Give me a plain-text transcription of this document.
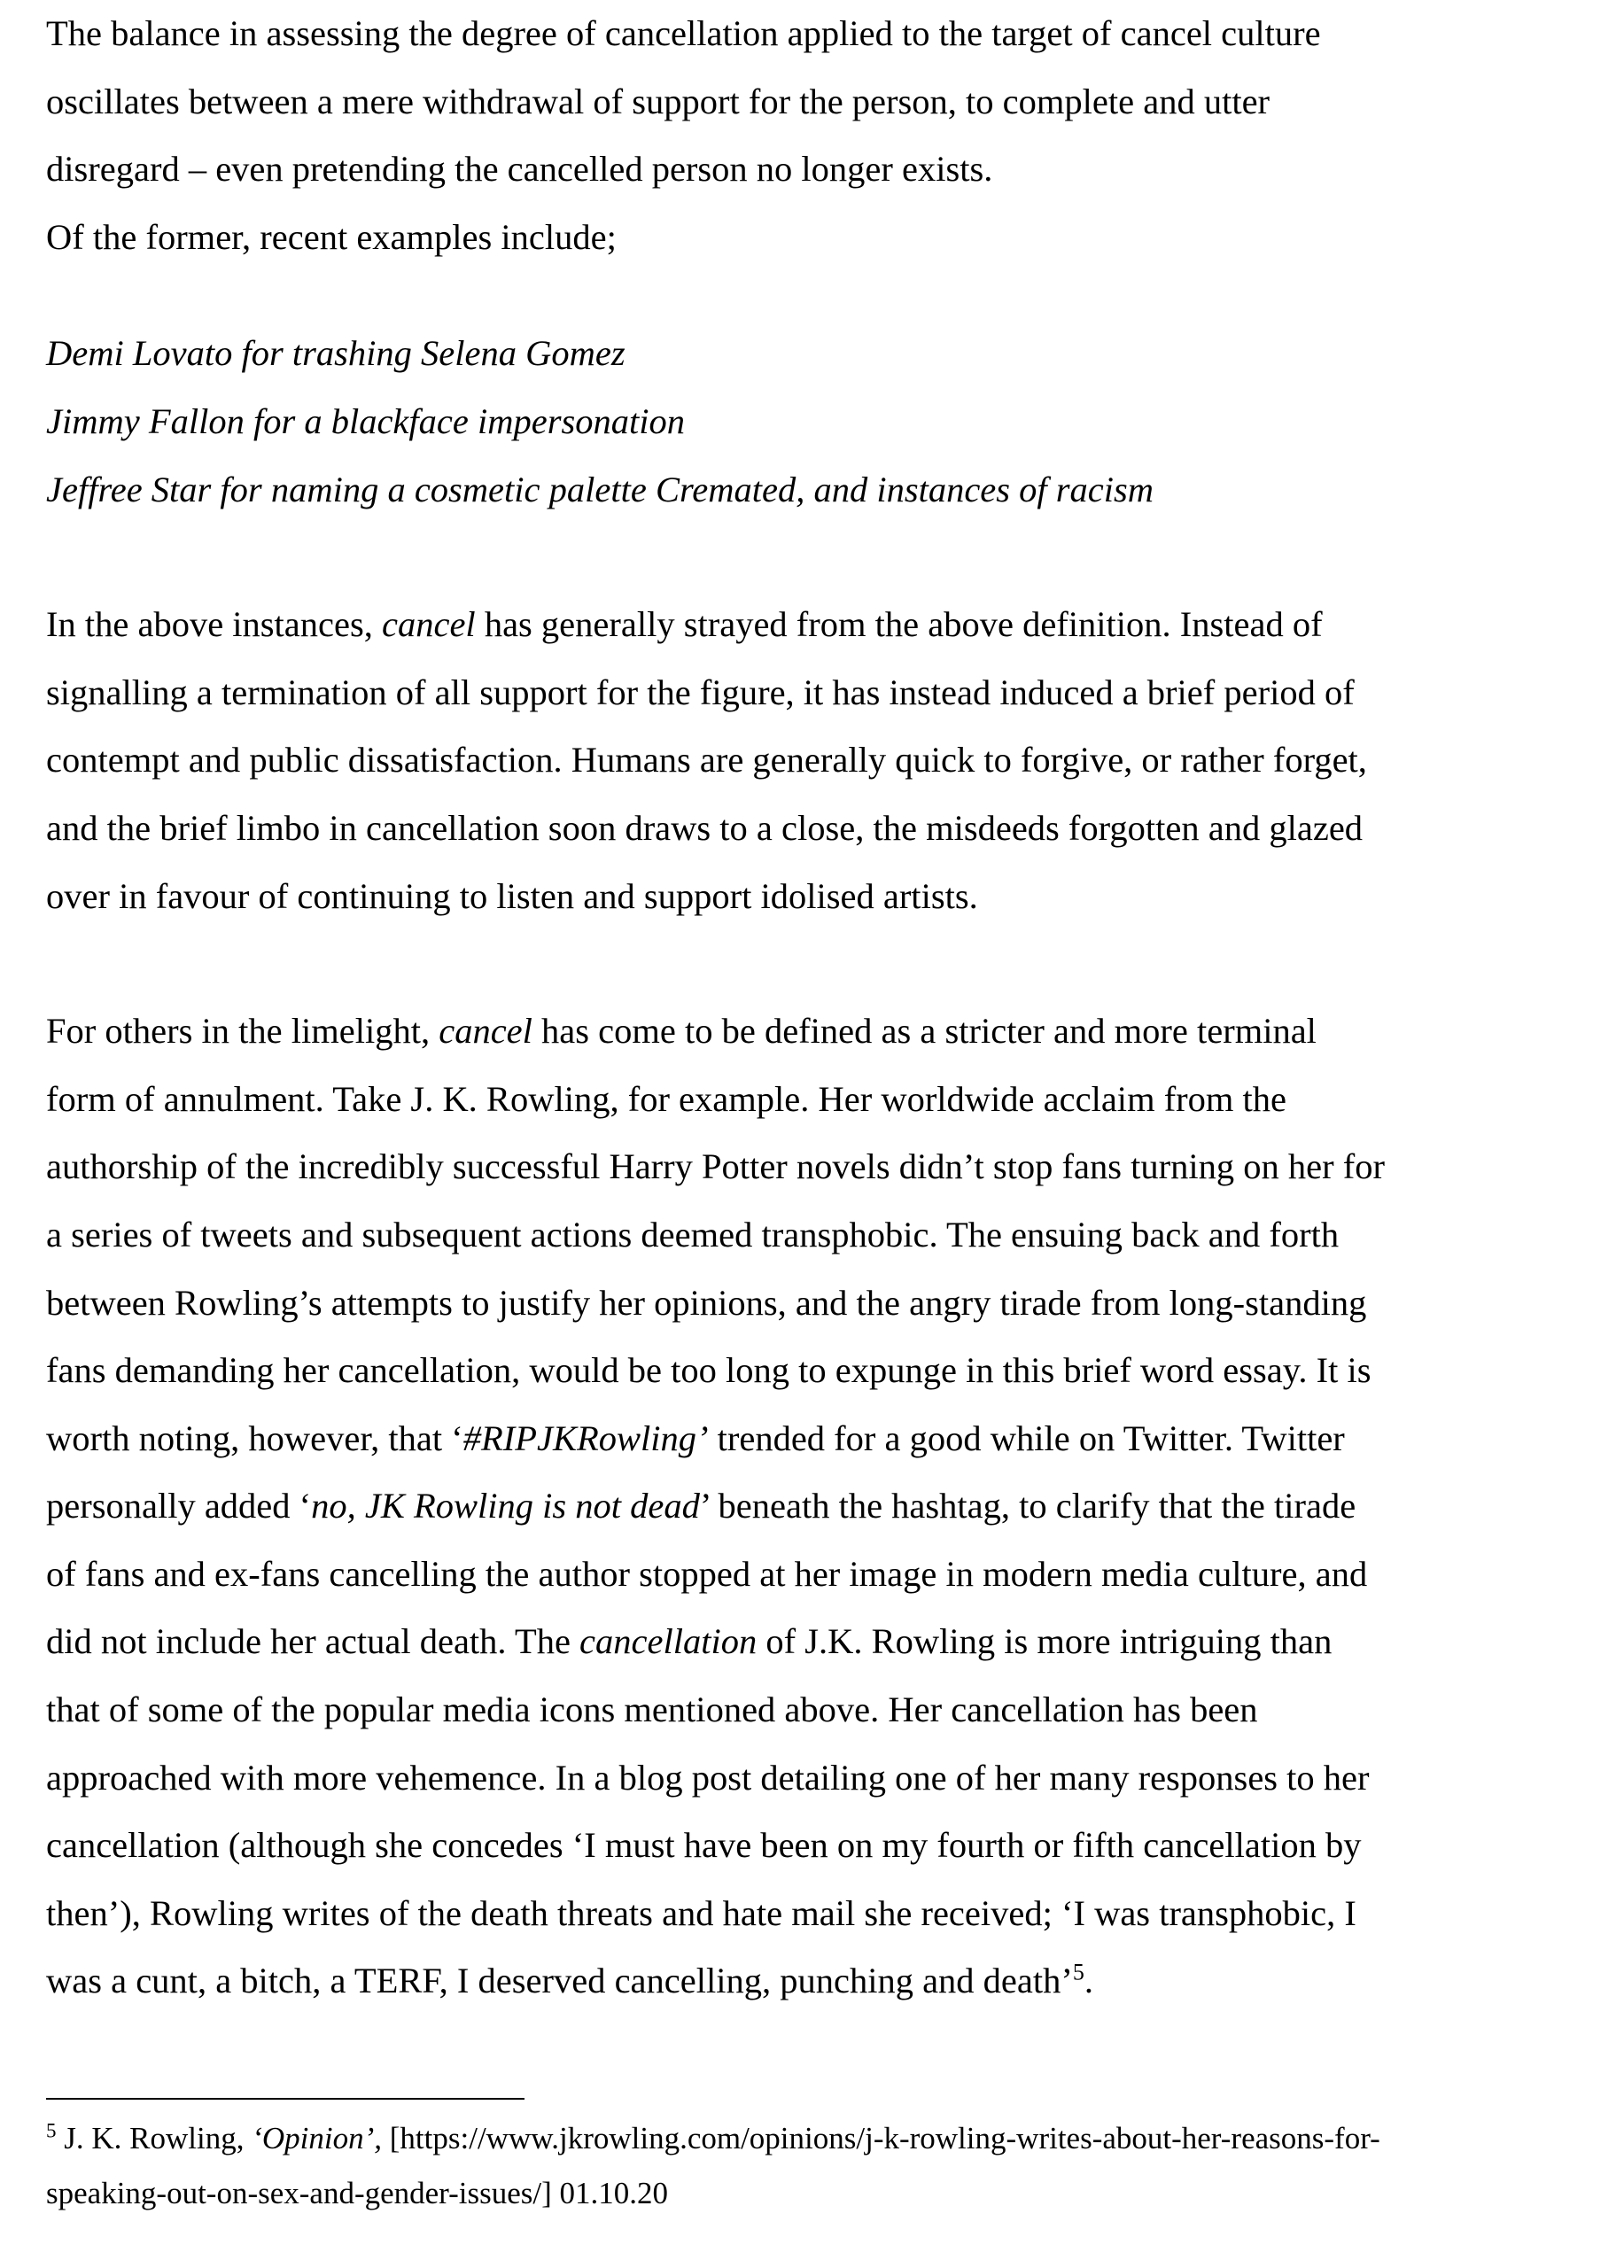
The balance in assessing the degree of cancellation applied to the target of cancel culture

oscillates between a mere withdrawal of support for the person, to complete and utter

disregard – even pretending the cancelled person no longer exists.

Of the former, recent examples include;

Demi Lovato for trashing Selena Gomez

Jimmy Fallon for a blackface impersonation

Jeffree Star for naming a cosmetic palette Cremated, and instances of racism

In the above instances, cancel has generally strayed from the above definition. Instead of

signalling a termination of all support for the figure, it has instead induced a brief period of

contempt and public dissatisfaction. Humans are generally quick to forgive, or rather forget,

and the brief limbo in cancellation soon draws to a close, the misdeeds forgotten and glazed

over in favour of continuing to listen and support idolised artists.

For others in the limelight, cancel has come to be defined as a stricter and more terminal

form of annulment. Take J. K. Rowling, for example. Her worldwide acclaim from the

authorship of the incredibly successful Harry Potter novels didn’t stop fans turning on her for

a series of tweets and subsequent actions deemed transphobic. The ensuing back and forth

between Rowling’s attempts to justify her opinions, and the angry tirade from long-standing

fans demanding her cancellation, would be too long to expunge in this brief word essay. It is

worth noting, however, that ‘#RIPJKRowling’ trended for a good while on Twitter. Twitter

personally added ‘no, JK Rowling is not dead’ beneath the hashtag, to clarify that the tirade

of fans and ex-fans cancelling the author stopped at her image in modern media culture, and

did not include her actual death. The cancellation of J.K. Rowling is more intriguing than

that of some of the popular media icons mentioned above. Her cancellation has been

approached with more vehemence. In a blog post detailing one of her many responses to her

cancellation (although she concedes ‘I must have been on my fourth or fifth cancellation by

then’), Rowling writes of the death threats and hate mail she received; ‘I was transphobic, I

was a cunt, a bitch, a TERF, I deserved cancelling, punching and death’$^5$.

$^5$ J. K. Rowling, ‘Opinion’, [https://www.jkrowling.com/opinions/j-k-rowling-writes-about-her-reasons-for-
speaking-out-on-sex-and-gender-issues/] 01.10.20
